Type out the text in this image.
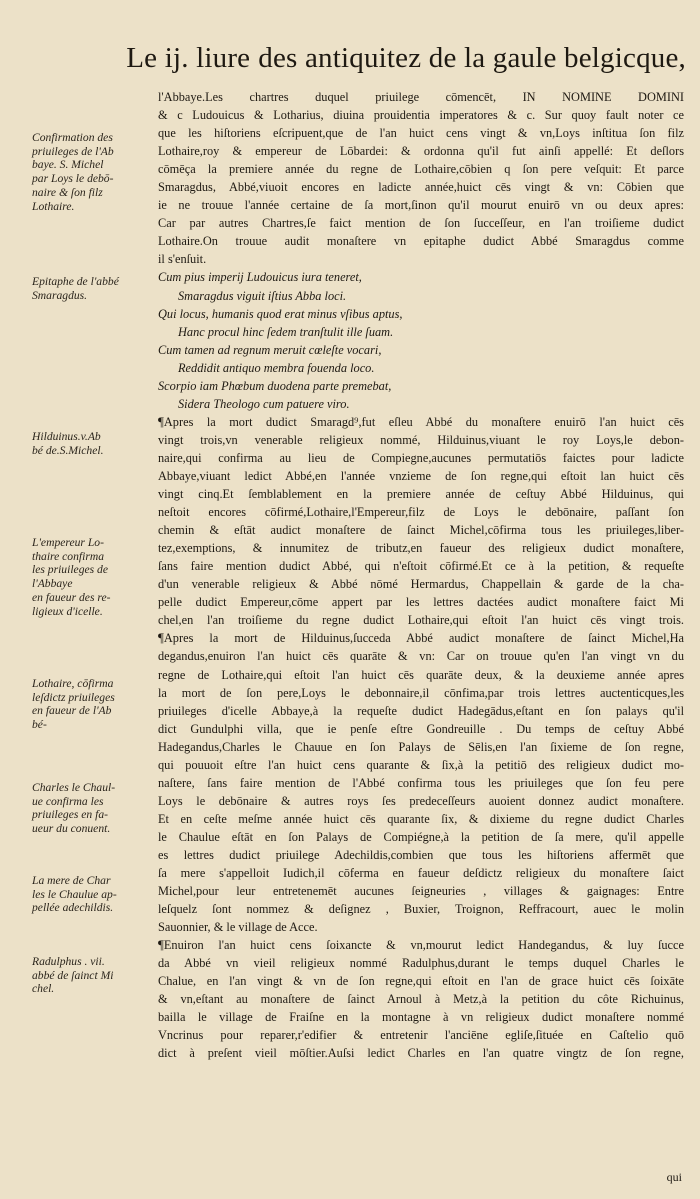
Le ij. liure des antiquitez de la gaule belgicque,
Confirmation des
priuileges de l'Ab
baye. S. Michel
par Loys le debō-
naire & ſon filz
Lothaire.
Epitaphe de l'abbé
Smaragdus.
Hilduinus.v.Ab
bé de.S.Michel.
L'empereur Lo-
thaire confirma
les priuileges de
l'Abbaye
en faueur des re-
ligieux d'icelle.
Lothaire, cōfirma
leſdictz priuileges
en faueur de l'Ab
bé-
Charles le Chaul-
ue confirma les
priuileges en fa-
ueur du conuent.
La mere de Char
les le Chaulue ap-
pellée adechildis.
Radulphus . vii.
abbé de ſainct Mi
chel.

l'Abbaye.Les chartres duquel priuilege cōmencēt, IN NOMINE DOMINI
& c Ludouicus & Lotharius, diuina prouidentia imperatores & c. Sur quoy fault noter ce
que les hiſtoriens eſcripuent,que de l'an huict cens vingt & vn,Loys inſtitua ſon filz
Lothaire,roy & empereur de Lōbardei: & ordonna qu'il fut ainſi appellé: Et deſlors
cōmēça la premiere année du regne de Lothaire,cōbien q ſon pere veſquit: Et parce
Smaragdus, Abbé,viuoit encores en ladicte année,huict cēs vingt & vn: Cōbien que
ie ne trouue l'année certaine de ſa mort,ſinon qu'il mourut enuirō vn ou deux apres:
Car par autres Chartres,ſe faict mention de ſon ſucceſſeur, en l'an troiſieme dudict
Lothaire.On trouue audit monaſtere vn epitaphe dudict Abbé Smaragdus comme
il s'enſuit.

Cum pius imperij Ludouicus iura teneret,
Smaragdus viguit iſtius Abba loci.
Qui locus, humanis quod erat minus vſibus aptus,
Hanc procul hinc ſedem tranſtulit ille ſuam.
Cum tamen ad regnum meruit cœleſte vocari,
Reddidit antiquo membra fouenda loco.
Scorpio iam Phœbum duodena parte premebat,
Sidera Theologo cum patuere viro.

¶Apres la mort dudict Smaragd⁹,fut eſleu Abbé du monaſtere enuirō l'an huict cēs
vingt trois,vn venerable religieux nommé, Hilduinus,viuant le roy Loys,le debon-
naire,qui confirma au lieu de Compiegne,aucunes permutatiōs faictes pour ladicte
Abbaye,viuant ledict Abbé,en l'année vnzieme de ſon regne,qui eſtoit lan huict cēs
vingt cinq.Et ſemblablement en la premiere année de ceſtuy Abbé Hilduinus, qui
neſtoit encores cōfirmé,Lothaire,l'Empereur,filz de Loys le debōnaire, paſſant ſon
chemin & eſtāt audict monaſtere de ſainct Michel,cōfirma tous les priuileges,liber-
tez,exemptions, & innumitez de tributz,en faueur des religieux dudict monaſtere,
ſans faire mention dudict Abbé, qui n'eſtoit cōfirmé.Et ce à la petition, & requeſte
d'un venerable religieux & Abbé nōmé Hermardus, Chappellain & garde de la cha-
pelle dudict Empereur,cōme appert par les lettres dactées audict monaſtere faict Mi
chel,en l'an troiſieme du regne dudict Lothaire,qui eſtoit l'an huict cēs vingt trois.

¶Apres la mort de Hilduinus,ſucceda Abbé audict monaſtere de ſainct Michel,Ha
degandus,enuiron l'an huict cēs quarāte & vn: Car on trouue qu'en l'an vingt vn du
regne de Lothaire,qui eſtoit l'an huict cēs quarāte deux, & la deuxieme année apres
la mort de ſon pere,Loys le debonnaire,il cōnfima,par trois lettres auctenticques,les
priuileges d'icelle Abbaye,à la requeſte dudict Hadegādus,eſtant en ſon palays qu'il
dict Gundulphi villa, que ie penſe eſtre Gondreuille . Du temps de ceſtuy Abbé
Hadegandus,Charles le Chauue en ſon Palays de Sēlis,en l'an ſixieme de ſon regne,
qui pouuoit eſtre l'an huict cens quarante & ſix,à la petitiō des religieux dudict mo-
naſtere, ſans faire mention de l'Abbé confirma tous les priuileges que ſon feu pere
Loys le debōnaire & autres roys ſes predeceſſeurs auoient donnez audict monaſtere.
Et en ceſte meſme année huict cēs quarante ſix, & dixieme du regne dudict Charles
le Chaulue eſtāt en ſon Palays de Compiégne,à la petition de ſa mere, qu'il appelle
es lettres dudict priuilege Adechildis,combien que tous les hiſtoriens affermēt que
ſa mere s'appelloit Iudich,il cōferma en faueur deſdictz religieux du monaſtere ſaict
Michel,pour leur entretenemēt aucunes ſeigneuries , villages & gaignages: Entre
leſquelz ſont nommez & deſignez , Buxier, Troignon, Reffracourt, auec le molin
Sauonnier, & le village de Acce.

¶Enuiron l'an huict cens ſoixancte & vn,mourut ledict Handegandus, & luy ſucce
da Abbé vn vieil religieux nommé Radulphus,durant le temps duquel Charles le
Chalue, en l'an vingt & vn de ſon regne,qui eſtoit en l'an de grace huict cēs ſoixāte
& vn,eſtant au monaſtere de ſainct Arnoul à Metz,à la petition du côte Richuinus,
bailla le village de Fraiſne en la montagne à vn religieux dudict monaſtere nommé
Vncrinus pour reparer,r'edifier & entretenir l'anciēne egliſe,ſituée en Caſtelio quō
dict à preſent vieil mōſtier.Auſsi ledict Charles en l'an quatre vingtz de ſon regne,

qui
